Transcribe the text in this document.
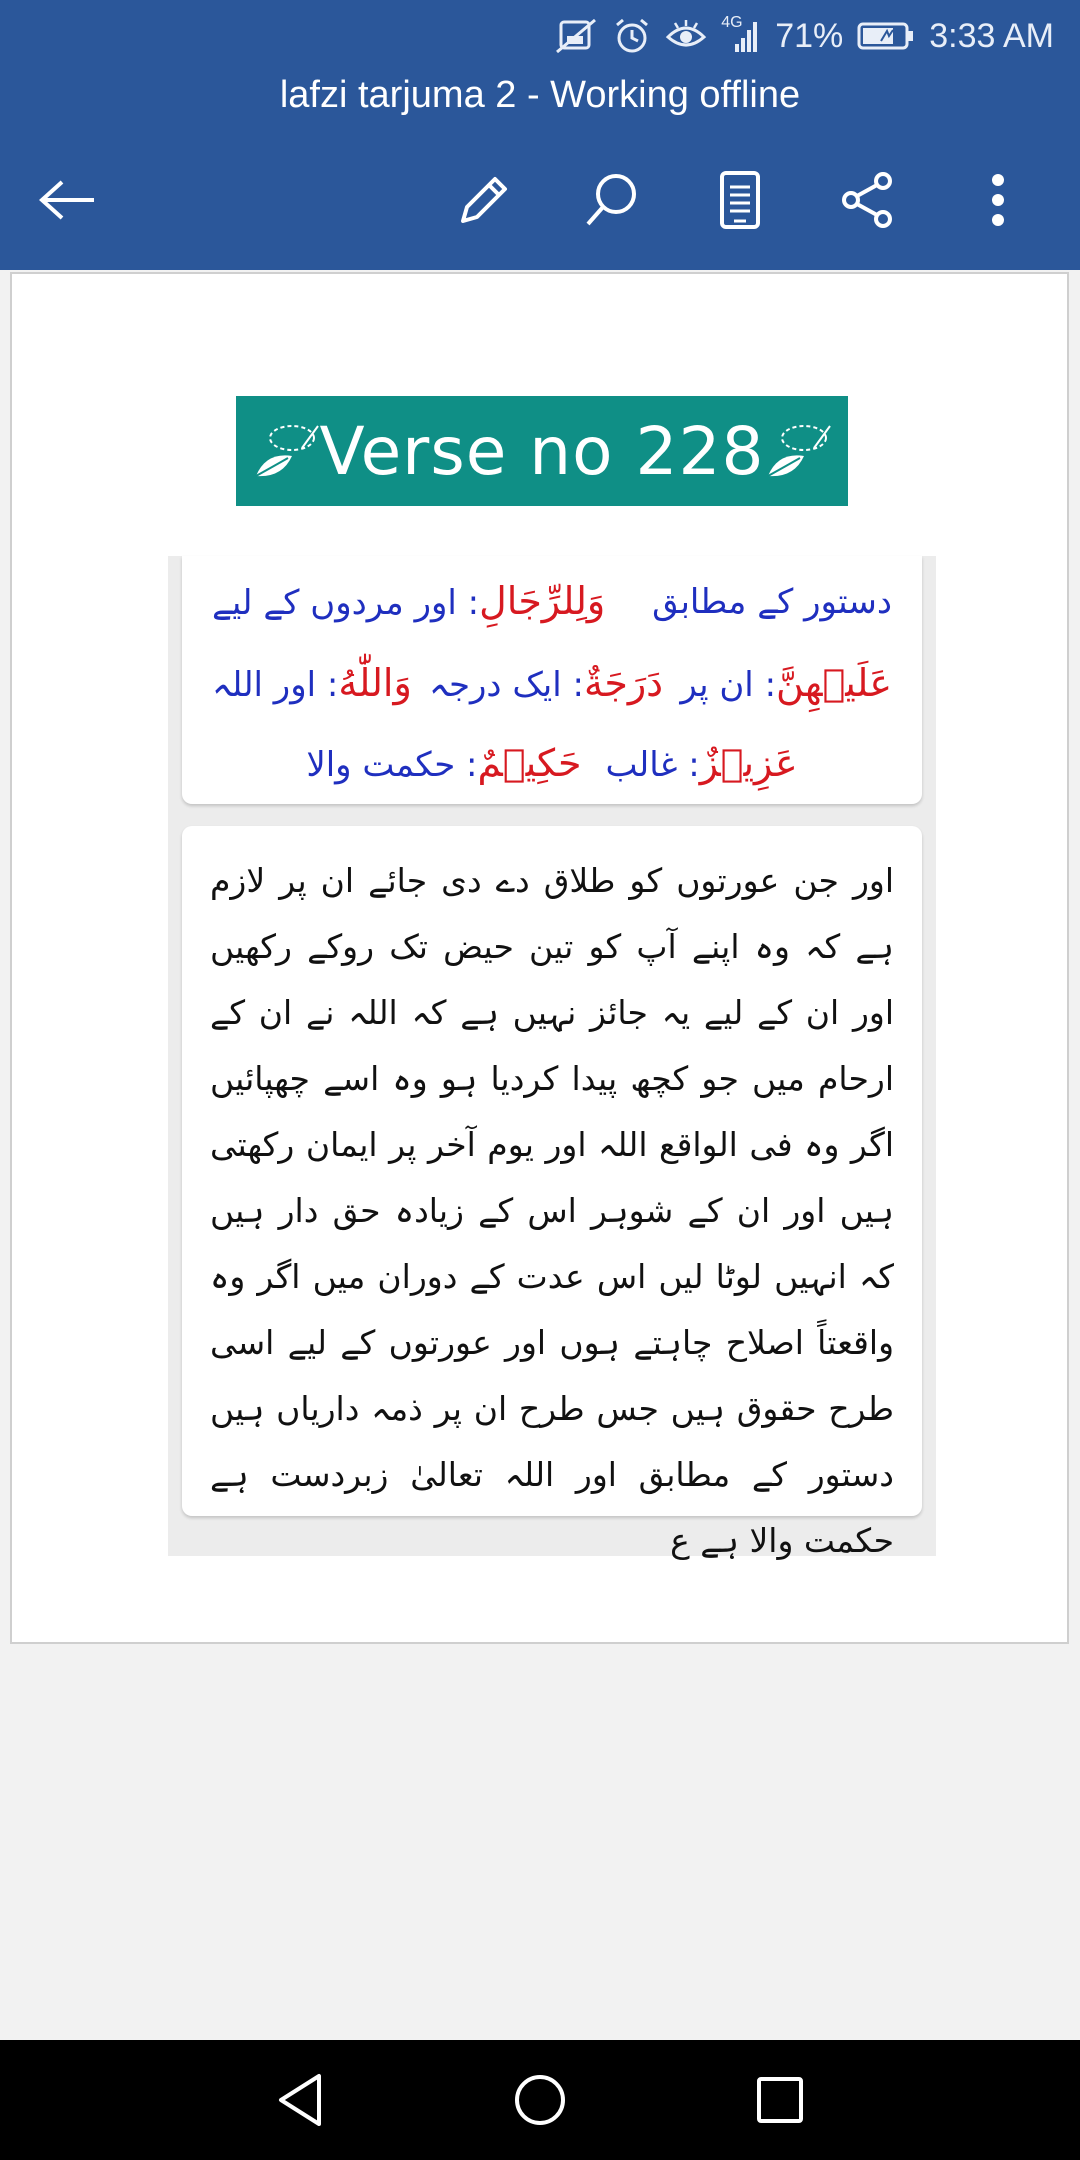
4G 71%	3:33 AM
lafzi tarjuma 2 - Working offline
Verse no 228
دستور کے مطابق
وَلِلرِّجَالِ: اور مردوں کے لیے
عَلَيۡهِنَّ: ان پر
دَرَجَةٌ: ایک درجہ
وَاللّٰهُ: اور اللہ
عَزِيۡزٌ: غالب
حَكِيۡمٌ: حکمت والا

اور جن عورتوں کو طلاق دے دی جائے ان پر لازم ہے کہ وہ اپنے آپ کو تین حیض تک روکے رکھیں اور ان کے لیے یہ جائز نہیں ہے کہ اللہ نے ان کے ارحام میں جو کچھ پیدا کردیا ہو وہ اسے چھپائیں اگر وہ فی الواقع اللہ اور یوم آخر پر ایمان رکھتی ہیں اور ان کے شوہر اس کے زیادہ حق دار ہیں کہ انہیں لوٹا لیں اس عدت کے دوران میں اگر وہ واقعتاً اصلاح چاہتے ہوں اور عورتوں کے لیے اسی طرح حقوق ہیں جس طرح ان پر ذمہ داریاں ہیں دستور کے مطابق اور اللہ تعالیٰ زبردست ہے حکمت والا ہے ع
